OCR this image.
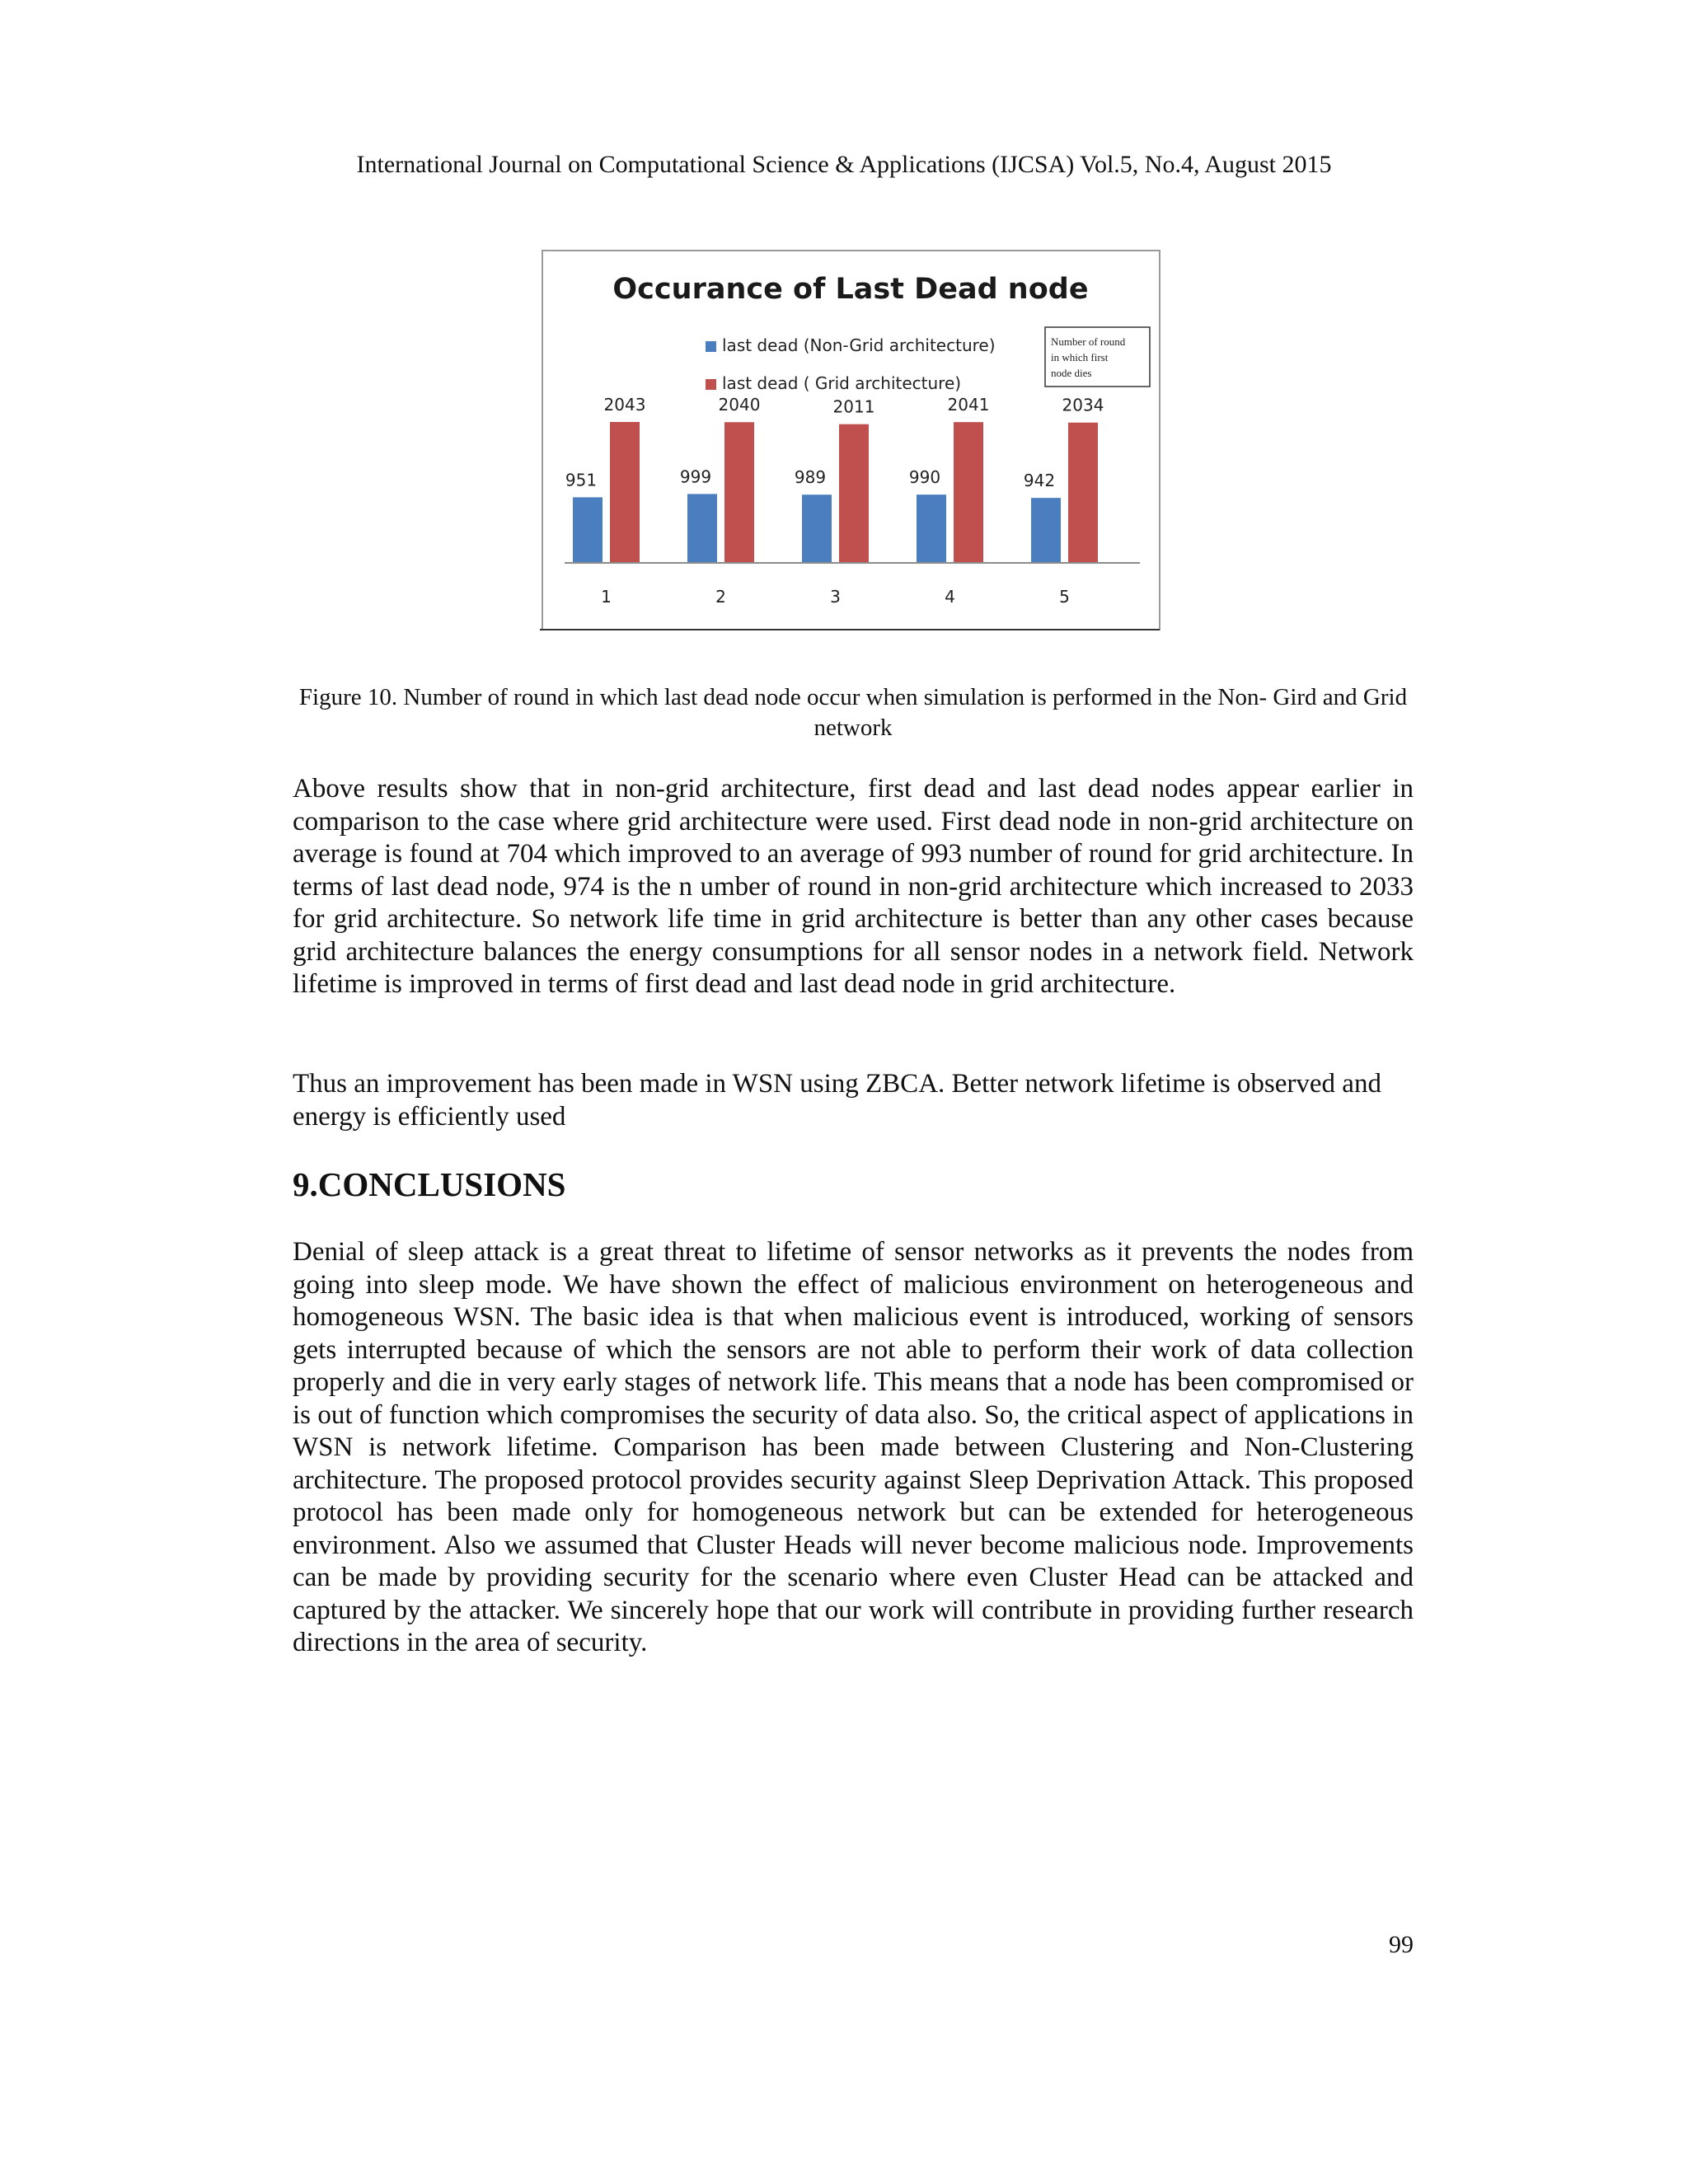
International Journal on Computational Science & Applications (IJCSA) Vol.5, No.4, August 2015
Occurance of Last Dead node
last dead (Non-Grid architecture)
last dead ( Grid architecture)
Number of round
in which first
node dies
951
2043
1
999
2040
2
989
2011
3
990
2041
4
942
2034
5
Figure 10. Number of round in which last dead node occur when simulation is performed in the Non- Gird and Grid network

Above results show that in non-grid architecture, first dead and last dead nodes appear earlier in comparison to the case where grid architecture were used. First dead node in non-grid architecture on average is found at 704 which improved to an average of 993 number of round for grid architecture. In terms of last dead node, 974 is the n umber of round in non-grid architecture which increased to 2033 for grid architecture. So network life time in grid architecture is better than any other cases because grid architecture balances the energy consumptions for all sensor nodes in a network field. Network lifetime is improved in terms of first dead and last dead node in grid architecture.

Thus an improvement has been made in WSN using ZBCA. Better network lifetime is observed and energy is efficiently used

9.CONCLUSIONS

Denial of sleep attack is a great threat to lifetime of sensor networks as it prevents the nodes from going into sleep mode. We have shown the effect of malicious environment on heterogeneous and homogeneous WSN. The basic idea is that when malicious event is introduced, working of sensors gets interrupted because of which the sensors are not able to perform their work of data collection properly and die in very early stages of network life. This means that a node has been compromised or is out of function which compromises the security of data also. So, the critical aspect of applications in WSN is network lifetime. Comparison has been made between Clustering and Non-Clustering architecture. The proposed protocol provides security against Sleep Deprivation Attack. This proposed protocol has been made only for homogeneous network but can be extended for heterogeneous environment. Also we assumed that Cluster Heads will never become malicious node. Improvements can be made by providing security for the scenario where even Cluster Head can be attacked and captured by the attacker. We sincerely hope that our work will contribute in providing further research directions in the area of security.

99
